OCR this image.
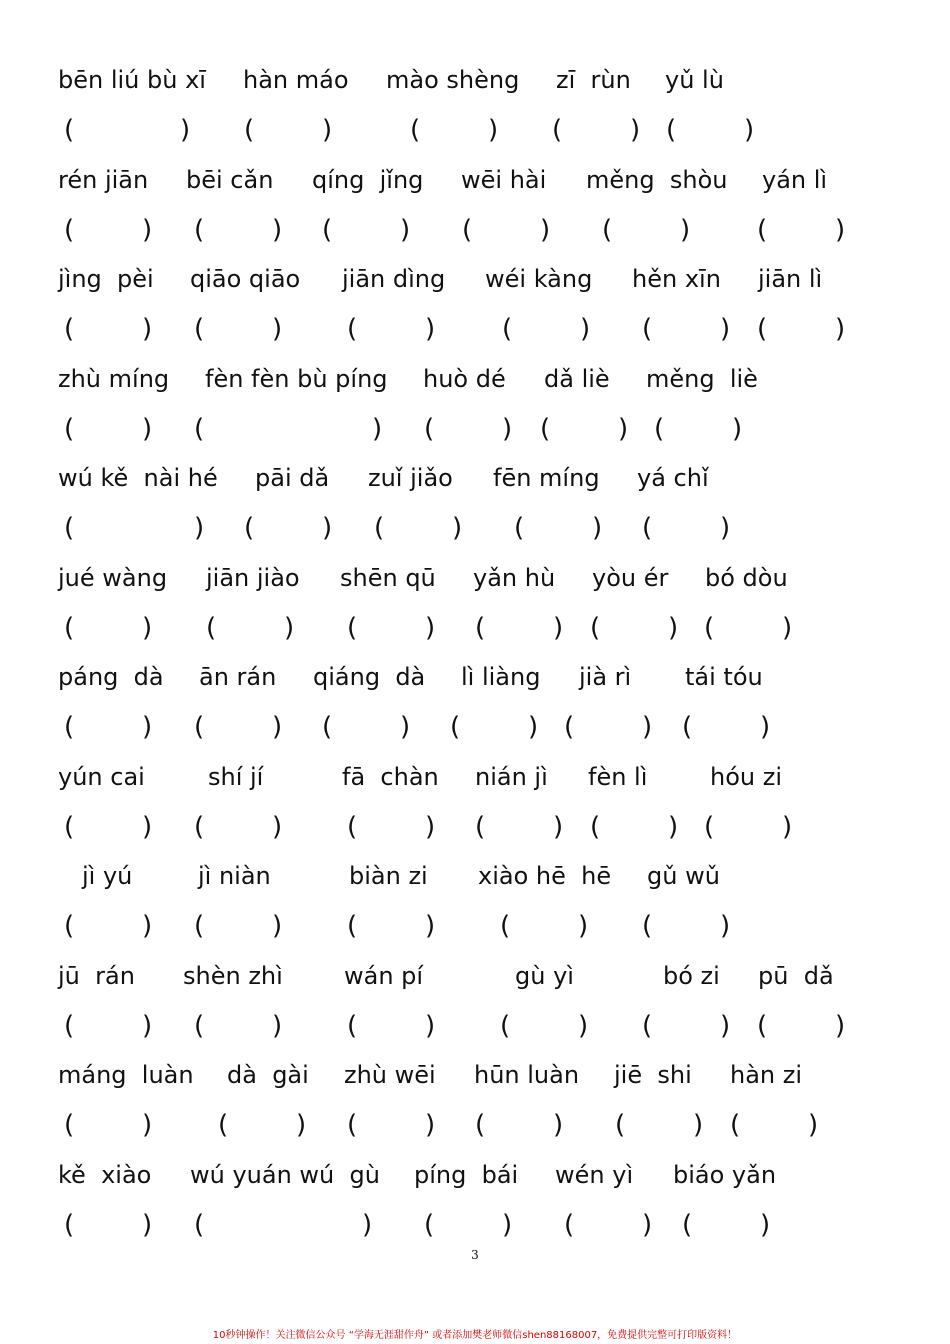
bēn liú bù xī hàn máo mào shèng zī  rùn yǔ lù
(	) (	)	(	) (	) (	)
rén jiān bēi cǎn qíng  jǐng wēi hài měng  shòu yán lì
(	) (	) (	) (	) (	)	(	)
jìng  pèi qiāo qiāo jiān dìng wéi kàng hěn xīn jiān lì
(	) (	) (	)	(	) (	) (	)
zhù míng fèn fèn bù píng huò dé dǎ liè měng  liè
(	) (	) (	) (	) (	)
wú kě  nài hé pāi dǎ zuǐ jiǎo fēn míng yá chǐ
(	) (	) (	) (	) (	)
jué wàng jiān jiào shēn qū yǎn hù yòu ér bó dòu
(	) (	) (	) (	) (	) (	)
páng  dà ān rán qiáng  dà lì liàng jià rì tái tóu
(	) (	) (	) (	) (	) (	)
yún cai	shí jí	fā  chàn nián jì fèn lì	hóu zi
(	) (	) (	) (	) (	) (	)
jì yú	jì niàn	biàn zi xiào hē  hē gǔ wǔ
(	) (	) (	) (	) (	)
jū  rán shèn zhì	wán pí	gù yì	bó zi pū  dǎ
(	) (	) (	) (	) (	) (	)
máng  luàn dà  gài zhù wēi hūn luàn jiē  shi hàn zi
(	)	(	) (	) (	) (	) (	)
kě  xiào wú yuán wú  gù píng  bái wén yì biáo yǎn
(	) (	) (	) (	) (	)
3
10秒钟操作！关注微信公众号 “学海无涯甜作舟” 或者添加樊老师微信shen88168007，免费提供完整可打印版资料！
